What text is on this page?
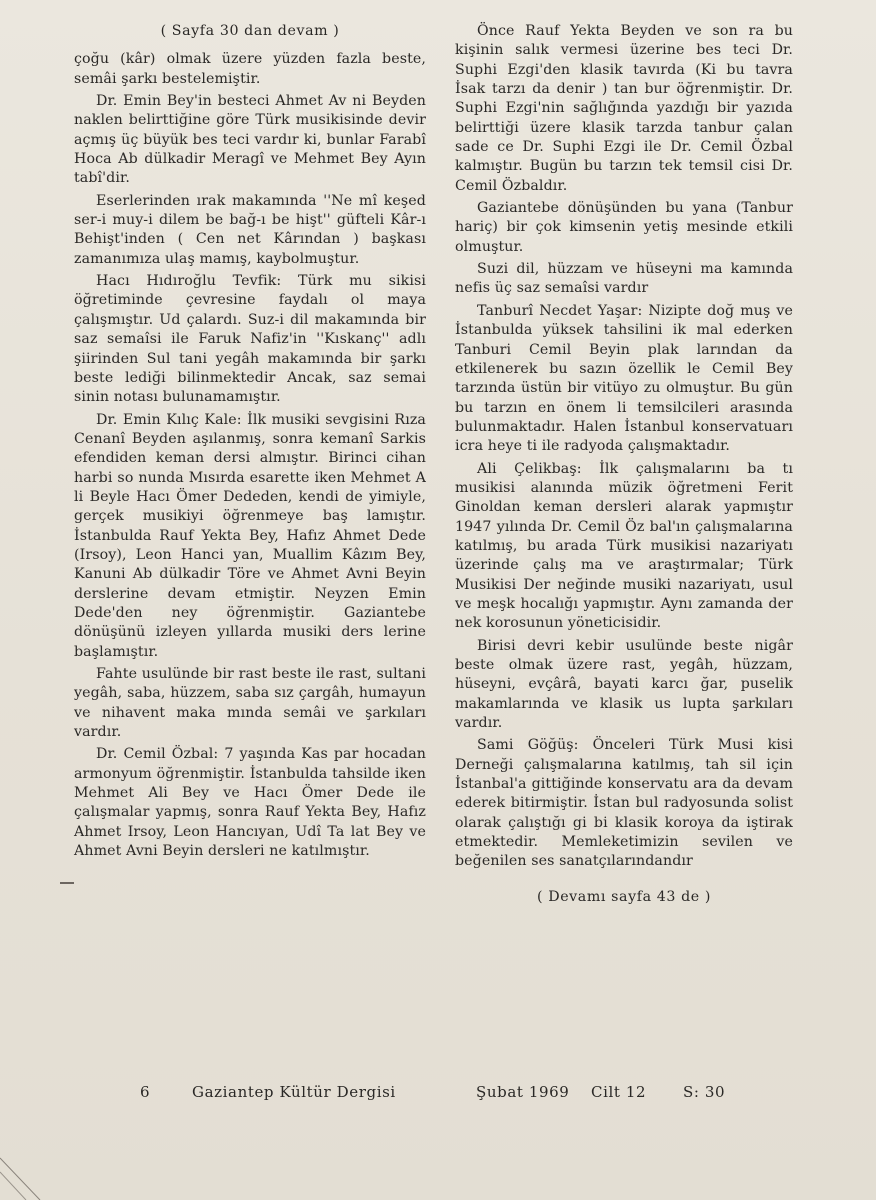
( Sayfa 30 dan devam )

çoğu (kâr) olmak üzere yüzden fazla beste, semâi şarkı bestelemiştir.

Dr. Emin Bey'in besteci Ahmet Av ni Beyden naklen belirttiğine göre Türk musikisinde devir açmış üç büyük bes teci vardır ki, bunlar Farabî Hoca Ab dülkadir Meragî ve Mehmet Bey Ayın tabî'dir.

Eserlerinden ırak makamında ''Ne mî keşed ser-i muy-i dilem be bağ-ı be hişt'' güfteli Kâr-ı Behişt'inden ( Cen net Kârından ) başkası zamanımıza ulaş mamış, kaybolmuştur.

Hacı Hıdıroğlu Tevfik: Türk mu sikisi öğretiminde çevresine faydalı ol maya çalışmıştır. Ud çalardı. Suz-i dil makamında bir saz semaîsi ile Faruk Nafiz'in ''Kıskanç'' adlı şiirinden Sul tani yegâh makamında bir şarkı beste lediği bilinmektedir Ancak, saz semai sinin notası bulunamamıştır.

Dr. Emin Kılıç Kale: İlk musiki sevgisini Rıza Cenanî Beyden aşılanmış, sonra kemanî Sarkis efendiden keman dersi almıştır. Birinci cihan harbi so nunda Mısırda esarette iken Mehmet A li Beyle Hacı Ömer Dededen, kendi de yimiyle, gerçek musikiyi öğrenmeye baş lamıştır. İstanbulda Rauf Yekta Bey, Hafız Ahmet Dede (Irsoy), Leon Hanci yan, Muallim Kâzım Bey, Kanuni Ab dülkadir Töre ve Ahmet Avni Beyin derslerine devam etmiştir. Neyzen Emin Dede'den ney öğrenmiştir. Gaziantebe dönüşünü izleyen yıllarda musiki ders lerine başlamıştır.

Fahte usulünde bir rast beste ile rast, sultani yegâh, saba, hüzzem, saba sız çargâh, humayun ve nihavent maka mında semâi ve şarkıları vardır.

Dr. Cemil Özbal: 7 yaşında Kas par hocadan armonyum öğrenmiştir. İstanbulda tahsilde iken Mehmet Ali Bey ve Hacı Ömer Dede ile çalışmalar yapmış, sonra Rauf Yekta Bey, Hafız Ahmet Irsoy, Leon Hancıyan, Udî Ta lat Bey ve Ahmet Avni Beyin dersleri ne katılmıştır.

Önce Rauf Yekta Beyden ve son ra bu kişinin salık vermesi üzerine bes teci Dr. Suphi Ezgi'den klasik tavırda (Ki bu tavra İsak tarzı da denir ) tan bur öğrenmiştir. Dr. Suphi Ezgi'nin sağlığında yazdığı bir yazıda belirttiği üzere klasik tarzda tanbur çalan sade ce Dr. Suphi Ezgi ile Dr. Cemil Özbal kalmıştır. Bugün bu tarzın tek temsil cisi Dr. Cemil Özbaldır.

Gaziantebe dönüşünden bu yana (Tanbur hariç) bir çok kimsenin yetiş mesinde etkili olmuştur.

Suzi dil, hüzzam ve hüseyni ma kamında nefis üç saz semaîsi vardır

Tanburî Necdet Yaşar: Nizipte doğ muş ve İstanbulda yüksek tahsilini ik mal ederken Tanburi Cemil Beyin plak larından da etkilenerek bu sazın özellik le Cemil Bey tarzında üstün bir vitüyo zu olmuştur. Bu gün bu tarzın en önem li temsilcileri arasında bulunmaktadır. Halen İstanbul konservatuarı icra heye ti ile radyoda çalışmaktadır.

Ali Çelikbaş: İlk çalışmalarını ba tı musikisi alanında müzik öğretmeni Ferit Ginoldan keman dersleri alarak yapmıştır 1947 yılında Dr. Cemil Öz bal'ın çalışmalarına katılmış, bu arada Türk musikisi nazariyatı üzerinde çalış ma ve araştırmalar; Türk Musikisi Der neğinde musiki nazariyatı, usul ve meşk hocalığı yapmıştır. Aynı zamanda der nek korosunun yöneticisidir.

Birisi devri kebir usulünde beste nigâr beste olmak üzere rast, yegâh, hüzzam, hüseyni, evçârâ, bayati karcı ğar, puselik makamlarında ve klasik us lupta şarkıları vardır.

Sami Göğüş: Önceleri Türk Musi kisi Derneği çalışmalarına katılmış, tah sil için İstanbal'a gittiğinde konservatu ara da devam ederek bitirmiştir. İstan bul radyosunda solist olarak çalıştığı gi bi klasik koroya da iştirak etmektedir. Memleketimizin sevilen ve beğenilen ses sanatçılarındandır

( Devamı sayfa 43 de )

6	Gaziantep Kültür Dergisi	Şubat 1969 Cilt 12 S: 30
